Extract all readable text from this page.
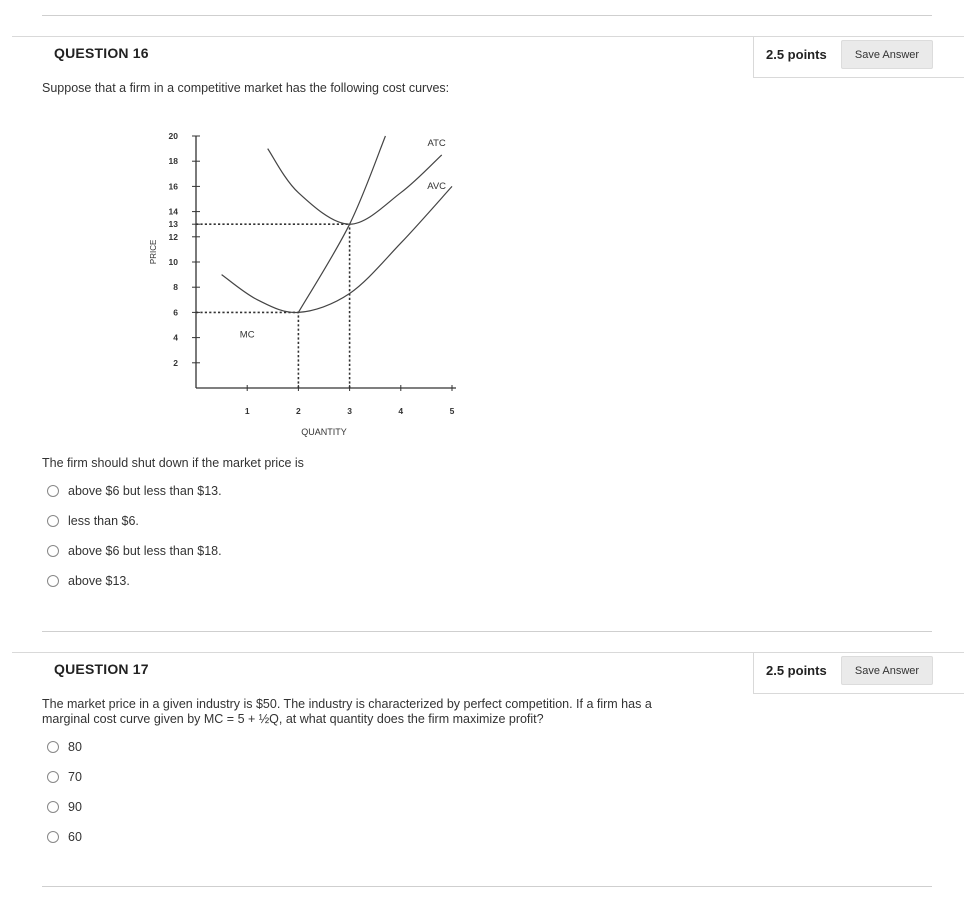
QUESTION 16	2.5 points	Save Answer
Suppose that a firm in a competitive market has the following cost curves:
2
4
6
8
10
12
13
14
16
18
20
1	2	3	4	5
QUANTITY
PRICE
ATC
AVC
MC
The firm should shut down if the market price is
above $6 but less than $13.
less than $6.
above $6 but less than $18.
above $13.
QUESTION 17	2.5 points	Save Answer
The market price in a given industry is $50. The industry is characterized by perfect competition. If a firm has a
marginal cost curve given by MC = 5 + ½Q, at what quantity does the firm maximize profit?
80
70
90
60
